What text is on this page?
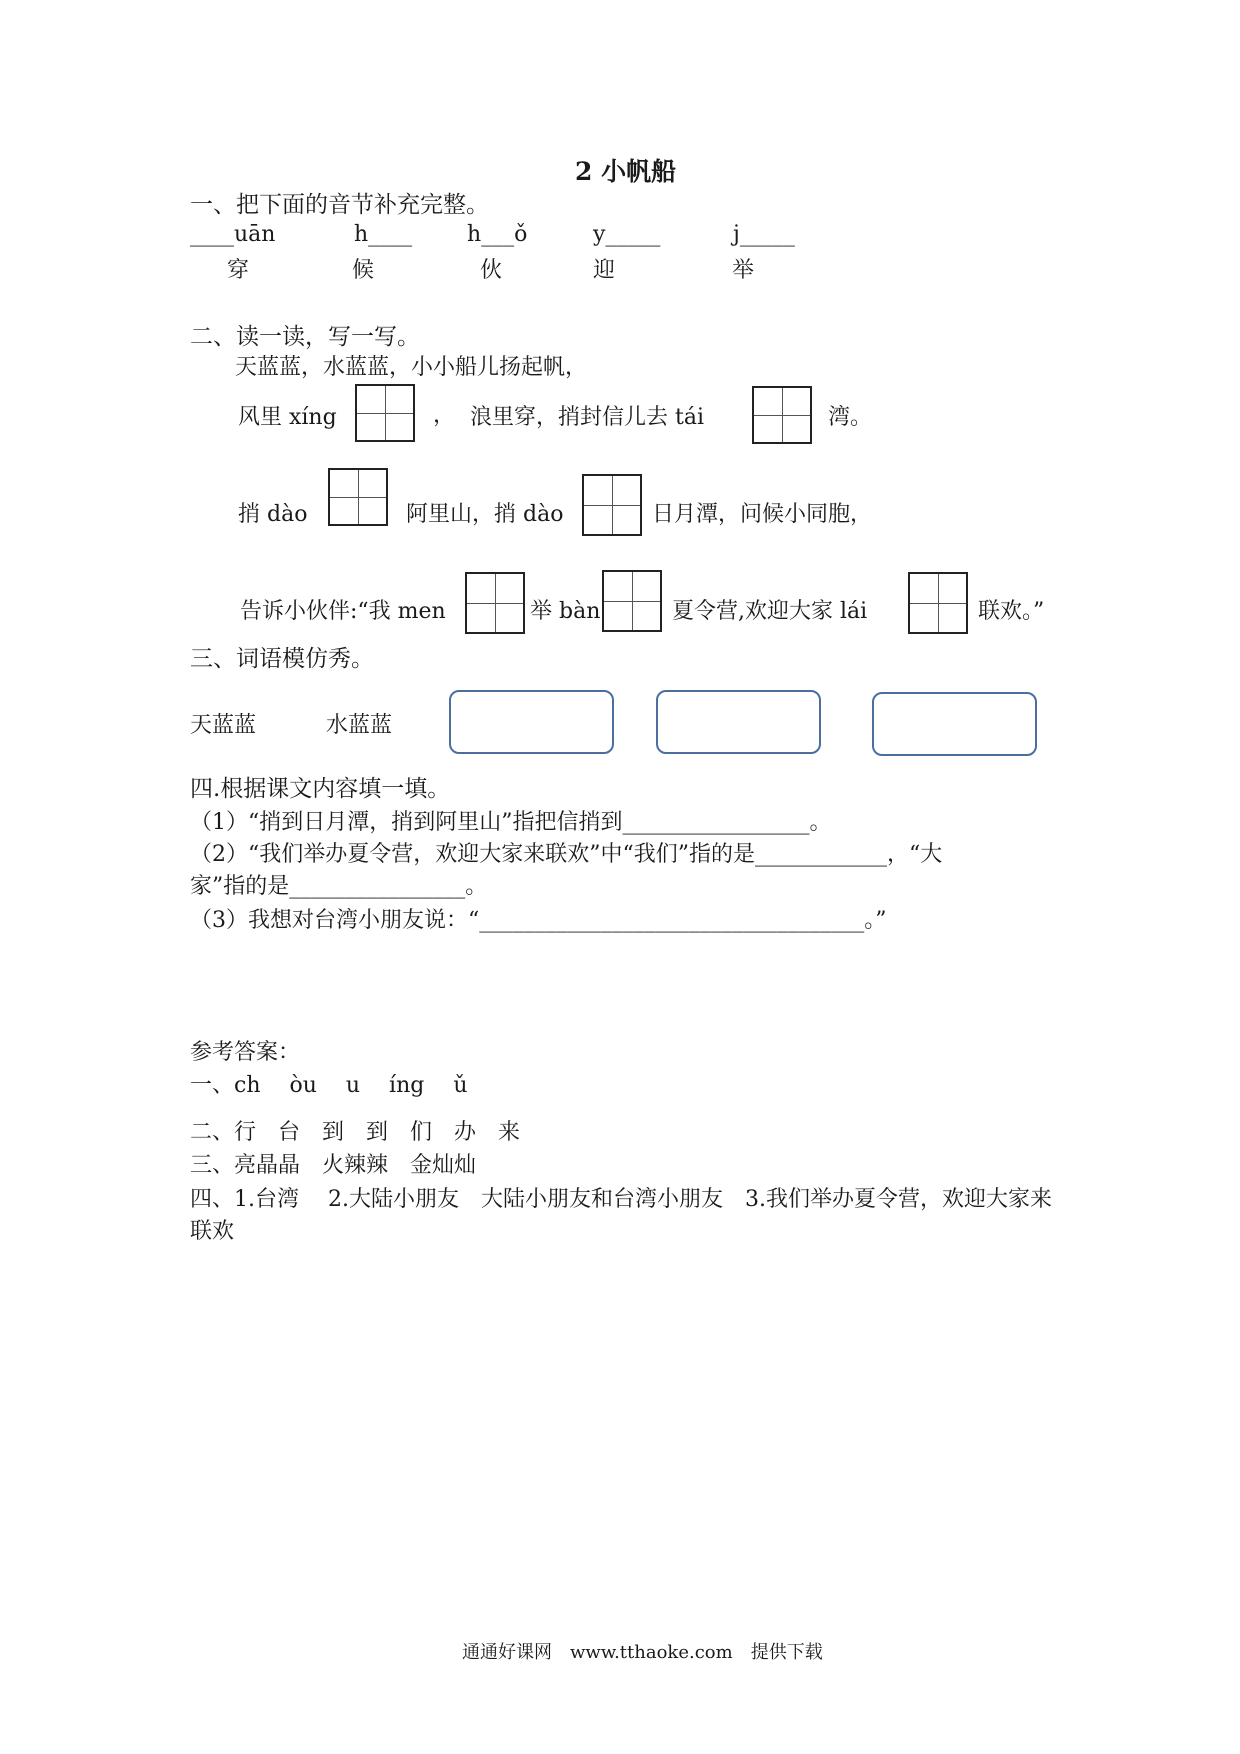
2 小帆船
一、把下面的音节补充完整。
____uān	h____ h___ǒ	y_____	j_____
穿	候	伙	迎	举
二、读一读，写一写。
天蓝蓝，水蓝蓝，小小船儿扬起帆，
风里 xíng	， 浪里穿，捎封信儿去 tái	湾。
捎 dào	阿里山，捎 dào	日月潭，问候小同胞，
告诉小伙伴:“我 men	举 bàn	夏令营,欢迎大家 lái	联欢。”
三、词语模仿秀。
天蓝蓝	水蓝蓝
四.根据课文内容填一填。
（1）“捎到日月潭，捎到阿里山”指把信捎到_________________。
（2）“我们举办夏令营，欢迎大家来联欢”中“我们”指的是____________，“大
家”指的是________________。
（3）我想对台湾小朋友说：“___________________________________。”
参考答案：
一、ch　 òu　 u　 íng　 ǔ
二、行　台　到　到　们　办　来
三、亮晶晶　火辣辣　金灿灿
四、1.台湾　 2.大陆小朋友　大陆小朋友和台湾小朋友　3.我们举办夏令营，欢迎大家来
联欢
通通好课网　www.tthaoke.com　提供下载
